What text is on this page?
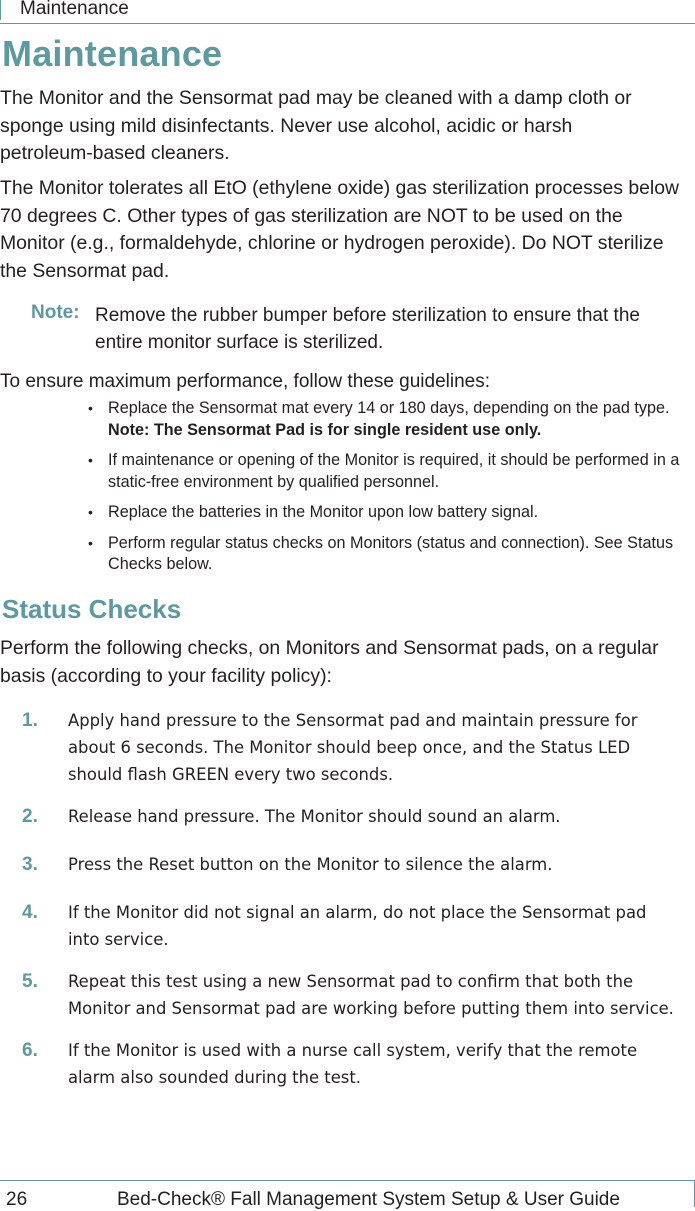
Maintenance
Maintenance

The Monitor and the Sensormat pad may be cleaned with a damp cloth or sponge using mild disinfectants. Never use alcohol, acidic or harsh petroleum-based cleaners.

The Monitor tolerates all EtO (ethylene oxide) gas sterilization processes below 70 degrees C. Other types of gas sterilization are NOT to be used on the Monitor (e.g., formaldehyde, chlorine or hydrogen peroxide). Do NOT sterilize the Sensormat pad.

Note: Remove the rubber bumper before sterilization to ensure that the entire monitor surface is sterilized.

To ensure maximum performance, follow these guidelines:

• Replace the Sensormat mat every 14 or 180 days, depending on the pad type. Note: The Sensormat Pad is for single resident use only.
• If maintenance or opening of the Monitor is required, it should be performed in a static-free environment by qualified personnel.
• Replace the batteries in the Monitor upon low battery signal.
• Perform regular status checks on Monitors (status and connection). See Status Checks below.
Status Checks

Perform the following checks, on Monitors and Sensormat pads, on a regular basis (according to your facility policy):

1. Apply hand pressure to the Sensormat pad and maintain pressure for about 6 seconds. The Monitor should beep once, and the Status LED should flash GREEN every two seconds.
2. Release hand pressure. The Monitor should sound an alarm.
3. Press the Reset button on the Monitor to silence the alarm.
4. If the Monitor did not signal an alarm, do not place the Sensormat pad into service.
5. Repeat this test using a new Sensormat pad to confirm that both the Monitor and Sensormat pad are working before putting them into service.
6. If the Monitor is used with a nurse call system, verify that the remote alarm also sounded during the test.
26	Bed-Check® Fall Management System Setup & User Guide
